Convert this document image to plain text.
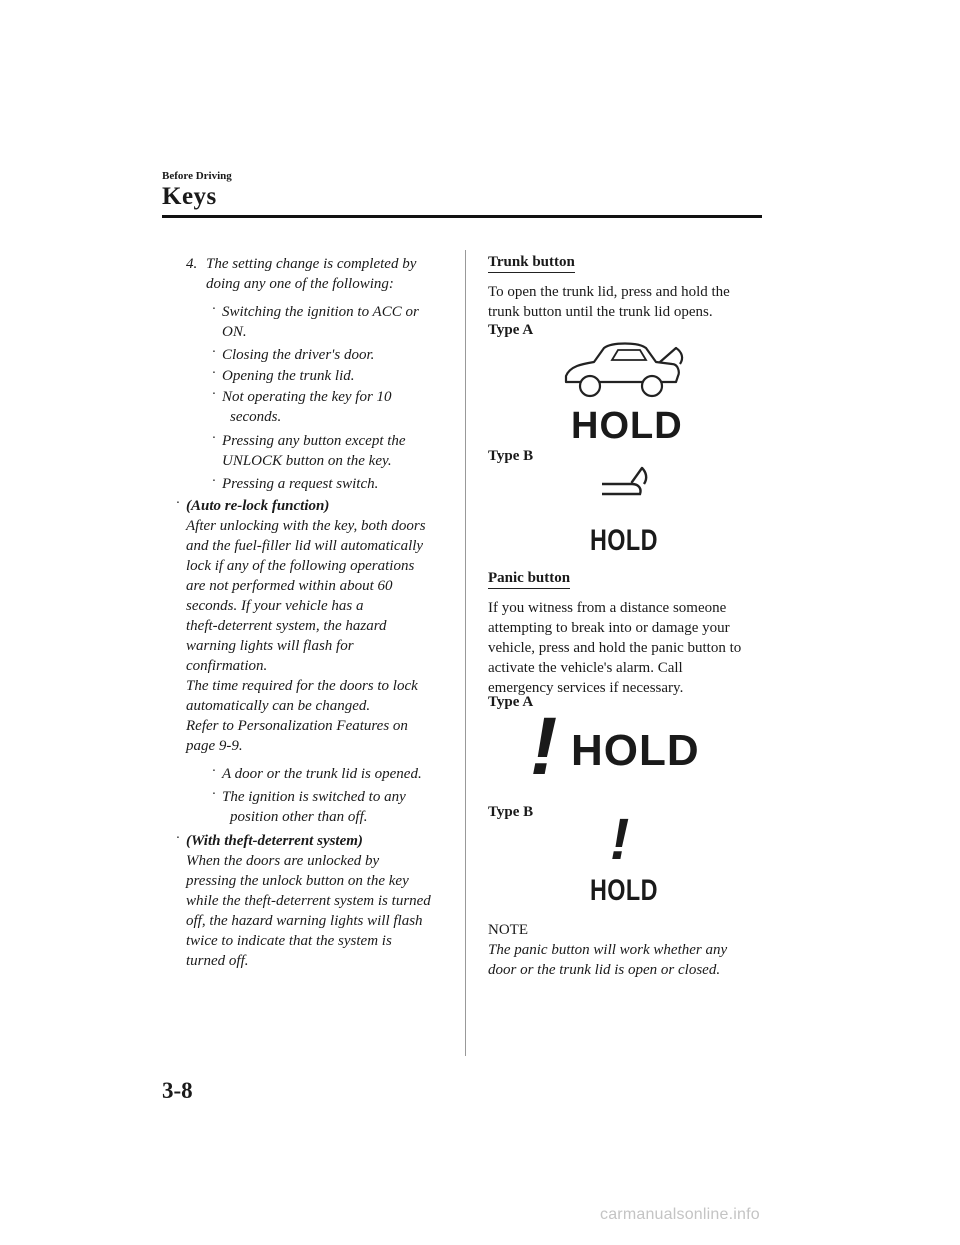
Before Driving
Keys
4. The setting change is completed by
doing any one of the following:
· Switching the ignition to ACC or
ON.
· Closing the driver's door.
· Opening the trunk lid.
· Not operating the key for 10
seconds.
· Pressing any button except the
UNLOCK button on the key.
· Pressing a request switch.
· (Auto re-lock function)
After unlocking with the key, both doors
and the fuel-filler lid will automatically
lock if any of the following operations
are not performed within about 60
seconds. If your vehicle has a
theft-deterrent system, the hazard
warning lights will flash for
confirmation.
The time required for the doors to lock
automatically can be changed.
Refer to Personalization Features on
page 9-9.
· A door or the trunk lid is opened.
· The ignition is switched to any
position other than off.
· (With theft-deterrent system)
When the doors are unlocked by
pressing the unlock button on the key
while the theft-deterrent system is turned
off, the hazard warning lights will flash
twice to indicate that the system is
turned off.
Trunk button
To open the trunk lid, press and hold the
trunk button until the trunk lid opens.
Type A
HOLD
Type B
HOLD
Panic button
If you witness from a distance someone
attempting to break into or damage your
vehicle, press and hold the panic button to
activate the vehicle's alarm. Call
emergency services if necessary.
Type A
! HOLD
Type B !
HOLD
NOTE
The panic button will work whether any
door or the trunk lid is open or closed.
3-8
carmanualsonline.info
